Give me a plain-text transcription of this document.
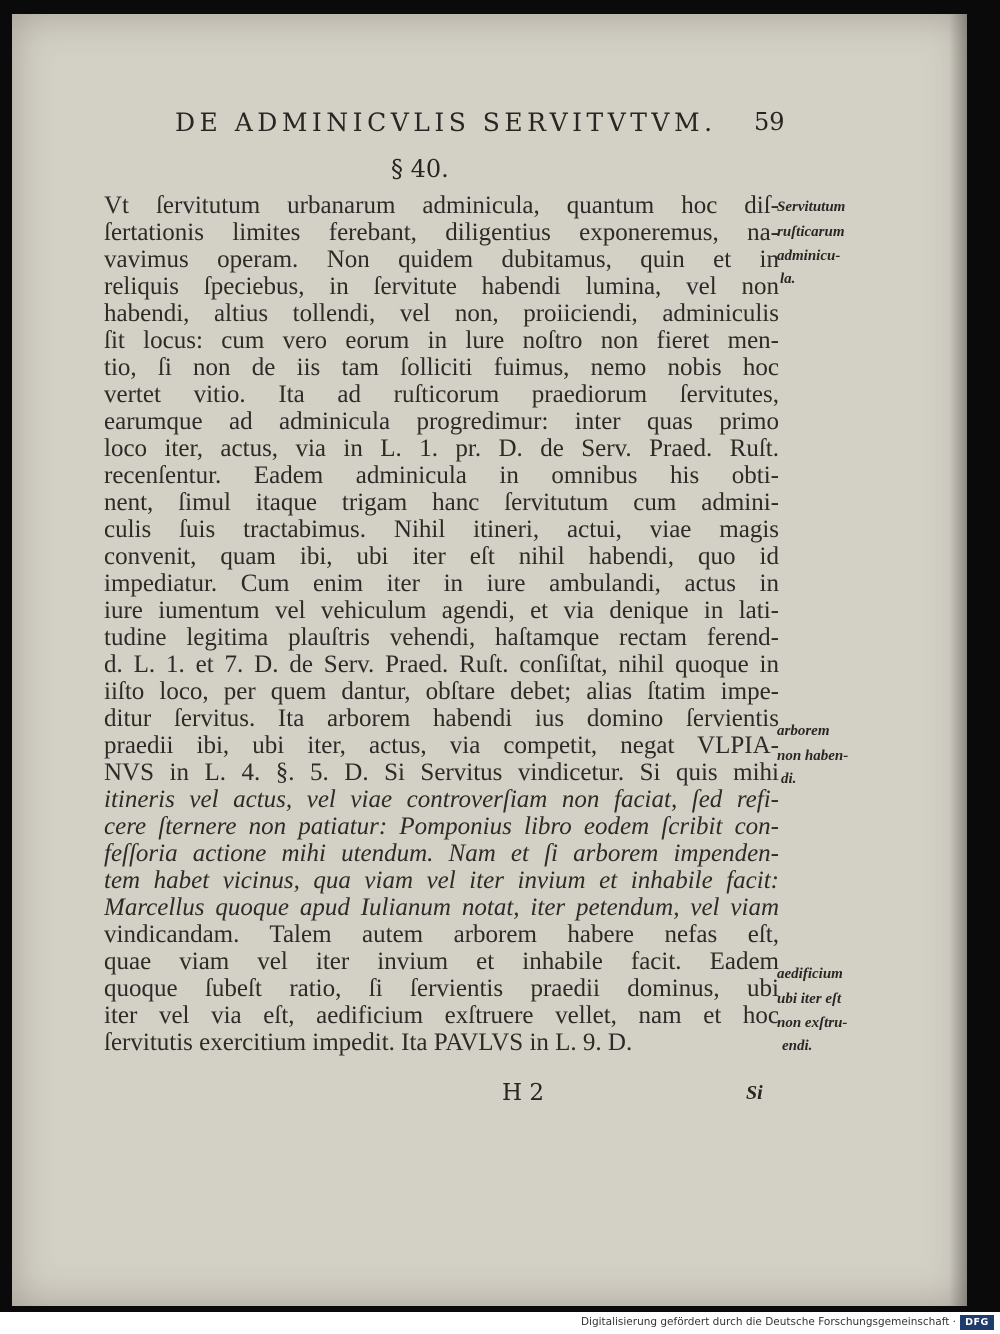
DE ADMINICVLIS SERVITVTVM.	59
§ 40.
Vt ſervitutum urbanarum adminicula, quantum hoc diſ-
ſertationis limites ferebant, diligentius exponeremus, na-
vavimus operam. Non quidem dubitamus, quin et in
reliquis ſpeciebus, in ſervitute habendi lumina, vel non
habendi, altius tollendi, vel non, proiiciendi, adminiculis
ſit locus: cum vero eorum in lure noſtro non fieret men-
tio, ſi non de iis tam ſolliciti fuimus, nemo nobis hoc
vertet vitio. Ita ad ruſticorum praediorum ſervitutes,
earumque ad adminicula progredimur: inter quas primo
loco iter, actus, via in L. 1. pr. D. de Serv. Praed. Ruſt.
recenſentur. Eadem adminicula in omnibus his obti-
nent, ſimul itaque trigam hanc ſervitutum cum admini-
culis ſuis tractabimus. Nihil itineri, actui, viae magis
convenit, quam ibi, ubi iter eſt nihil habendi, quo id
impediatur. Cum enim iter in iure ambulandi, actus in
iure iumentum vel vehiculum agendi, et via denique in lati-
tudine legitima plauſtris vehendi, haſtamque rectam ferend-
d. L. 1. et 7. D. de Serv. Praed. Ruſt. conſiſtat, nihil quoque in
iiſto loco, per quem dantur, obſtare debet; alias ſtatim impe-
ditur ſervitus. Ita arborem habendi ius domino ſervientis
praedii ibi, ubi iter, actus, via competit, negat VLPIA-
NVS in L. 4. §. 5. D. Si Servitus vindicetur. Si quis mihi
itineris vel actus, vel viae controverſiam non faciat, ſed refi-
cere ſternere non patiatur: Pomponius libro eodem ſcribit con-
feſſoria actione mihi utendum. Nam et ſi arborem impenden-
tem habet vicinus, qua viam vel iter invium et inhabile facit:
Marcellus quoque apud Iulianum notat, iter petendum, vel viam
vindicandam. Talem autem arborem habere nefas eſt,
quae viam vel iter invium et inhabile facit. Eadem
quoque ſubeſt ratio, ſi ſervientis praedii dominus, ubi
iter vel via eſt, aedificium exſtruere vellet, nam et hoc
ſervitutis exercitium impedit. Ita PAVLVS in L. 9. D.
Servitutum
ruſticarum
adminicu-
la.
arborem
non haben-
di.
aedificium
ubi iter eſt
non exſtru-
endi.
H 2	Si
Digitalisierung gefördert durch die Deutsche Forschungsgemeinschaft · DFG
